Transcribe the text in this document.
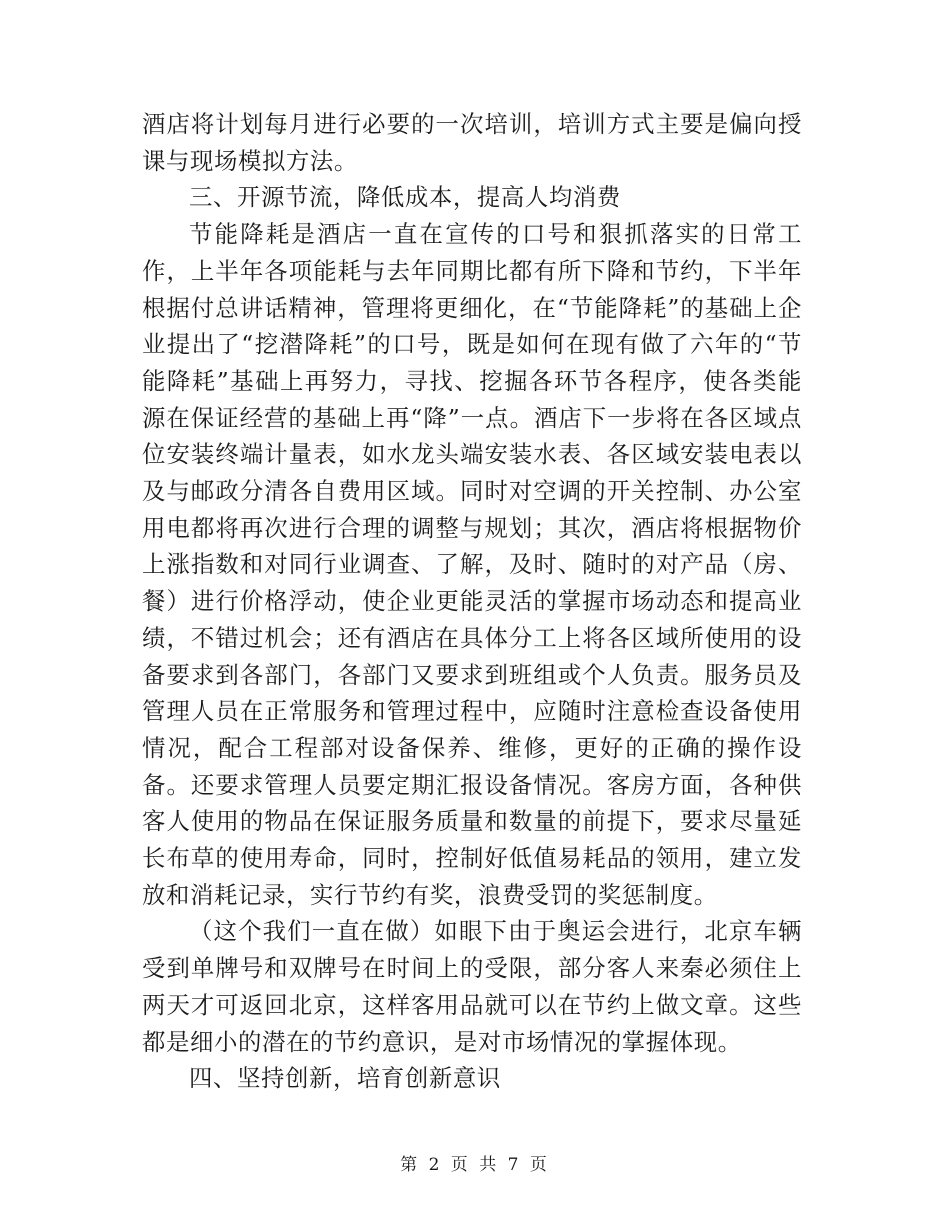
酒店将计划每月进行必要的一次培训，培训方式主要是偏向授课与现场模拟方法。

三、开源节流，降低成本，提高人均消费

节能降耗是酒店一直在宣传的口号和狠抓落实的日常工作，上半年各项能耗与去年同期比都有所下降和节约，下半年根据付总讲话精神，管理将更细化，在“节能降耗”的基础上企业提出了“挖潜降耗”的口号，既是如何在现有做了六年的“节能降耗”基础上再努力，寻找、挖掘各环节各程序，使各类能源在保证经营的基础上再“降”一点。酒店下一步将在各区域点位安装终端计量表，如水龙头端安装水表、各区域安装电表以及与邮政分清各自费用区域。同时对空调的开关控制、办公室用电都将再次进行合理的调整与规划；其次，酒店将根据物价上涨指数和对同行业调查、了解，及时、随时的对产品（房、餐）进行价格浮动，使企业更能灵活的掌握市场动态和提高业绩，不错过机会；还有酒店在具体分工上将各区域所使用的设备要求到各部门，各部门又要求到班组或个人负责。服务员及管理人员在正常服务和管理过程中，应随时注意检查设备使用情况，配合工程部对设备保养、维修，更好的正确的操作设备。还要求管理人员要定期汇报设备情况。客房方面，各种供客人使用的物品在保证服务质量和数量的前提下，要求尽量延长布草的使用寿命，同时，控制好低值易耗品的领用，建立发放和消耗记录，实行节约有奖，浪费受罚的奖惩制度。

（这个我们一直在做）如眼下由于奥运会进行，北京车辆受到单牌号和双牌号在时间上的受限，部分客人来秦必须住上两天才可返回北京，这样客用品就可以在节约上做文章。这些都是细小的潜在的节约意识，是对市场情况的掌握体现。

四、坚持创新，培育创新意识

第 2 页 共 7 页
